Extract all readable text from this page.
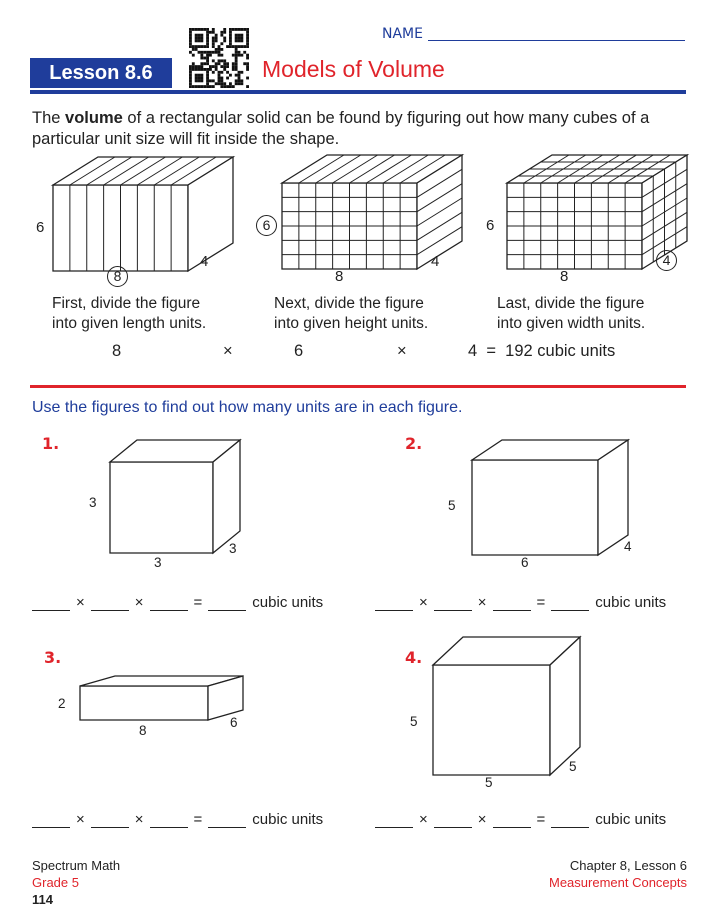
NAME
Lesson 8.6	Models of Volume
The volume of a rectangular solid can be found by figuring out how many cubes of a particular unit size will fit inside the shape.
6
8
4
6
8
4
6
8
4
First, divide the figure
into given length units.
Next, divide the figure
into given height units.
Last, divide the figure
into given width units.
8	×	6	×	4 = 192 cubic units
Use the figures to find out how many units are in each figure.
1.
3
3
3
2.
5
6
4
3.
2
8
6
4.
5
5
5
×	×	=	cubic units	×	×	=	cubic units
×	×	=	cubic units	×	×	=	cubic units
Spectrum Math
Grade 5
114
Chapter 8, Lesson 6
Measurement Concepts
